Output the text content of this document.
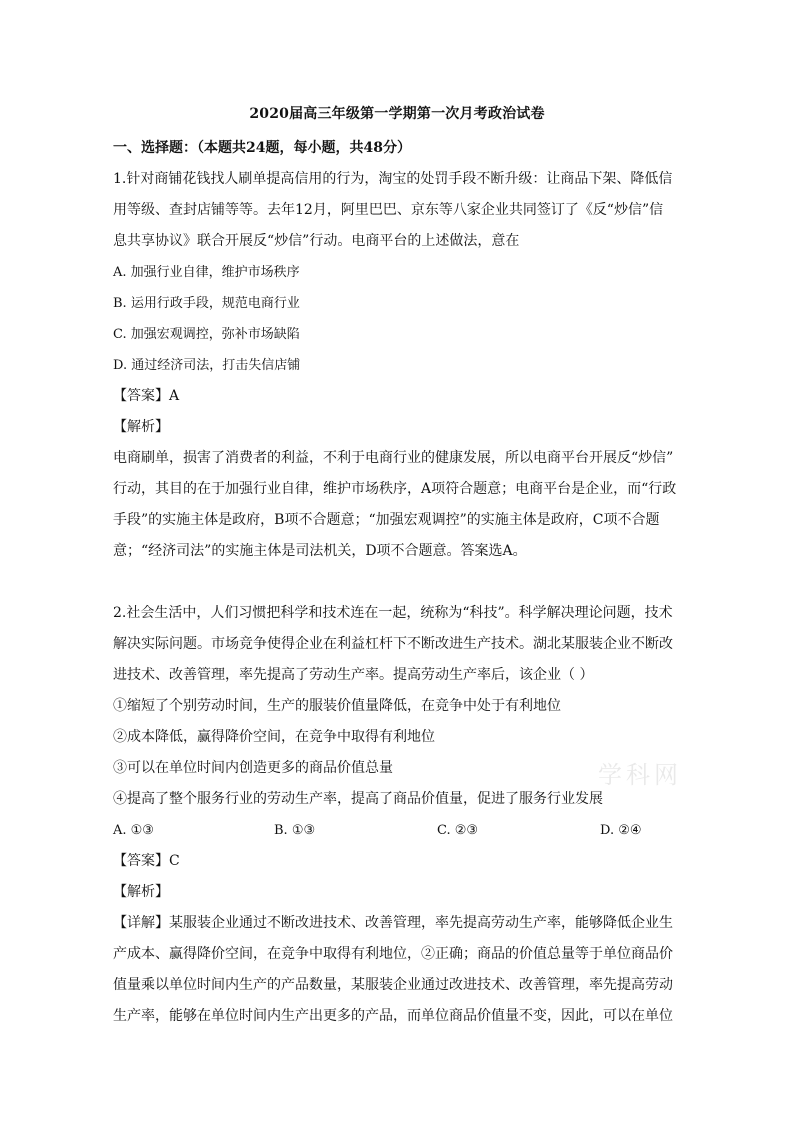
2020届高三年级第一学期第一次月考政治试卷
一、选择题：（本题共24题，每小题，共48分）
1.针对商铺花钱找人刷单提高信用的行为，淘宝的处罚手段不断升级：让商品下架、降低信
用等级、查封店铺等等。去年12月，阿里巴巴、京东等八家企业共同签订了《反“炒信”信
息共享协议》联合开展反“炒信”行动。电商平台的上述做法，意在
A. 加强行业自律，维护市场秩序
B. 运用行政手段，规范电商行业
C. 加强宏观调控，弥补市场缺陷
D. 通过经济司法，打击失信店铺
【答案】A
【解析】
电商刷单，损害了消费者的利益，不利于电商行业的健康发展，所以电商平台开展反“炒信”
行动，其目的在于加强行业自律，维护市场秩序，A项符合题意；电商平台是企业，而“行政
手段”的实施主体是政府，B项不合题意；“加强宏观调控”的实施主体是政府，C项不合题
意；“经济司法”的实施主体是司法机关，D项不合题意。答案选A。
2.社会生活中，人们习惯把科学和技术连在一起，统称为“科技”。科学解决理论问题，技术
解决实际问题。市场竞争使得企业在利益杠杆下不断改进生产技术。湖北某服装企业不断改
进技术、改善管理，率先提高了劳动生产率。提高劳动生产率后，该企业（ ）
①缩短了个别劳动时间，生产的服装价值量降低，在竞争中处于有利地位
②成本降低，赢得降价空间，在竞争中取得有利地位
③可以在单位时间内创造更多的商品价值总量
④提高了整个服务行业的劳动生产率，提高了商品价值量，促进了服务行业发展
A. ①③	B. ①③	C. ②③	D. ②④
【答案】C
【解析】
【详解】某服装企业通过不断改进技术、改善管理，率先提高劳动生产率，能够降低企业生
产成本、赢得降价空间，在竞争中取得有利地位，②正确；商品的价值总量等于单位商品价
值量乘以单位时间内生产的产品数量，某服装企业通过改进技术、改善管理，率先提高劳动
生产率，能够在单位时间内生产出更多的产品，而单位商品价值量不变，因此，可以在单位
学科网
